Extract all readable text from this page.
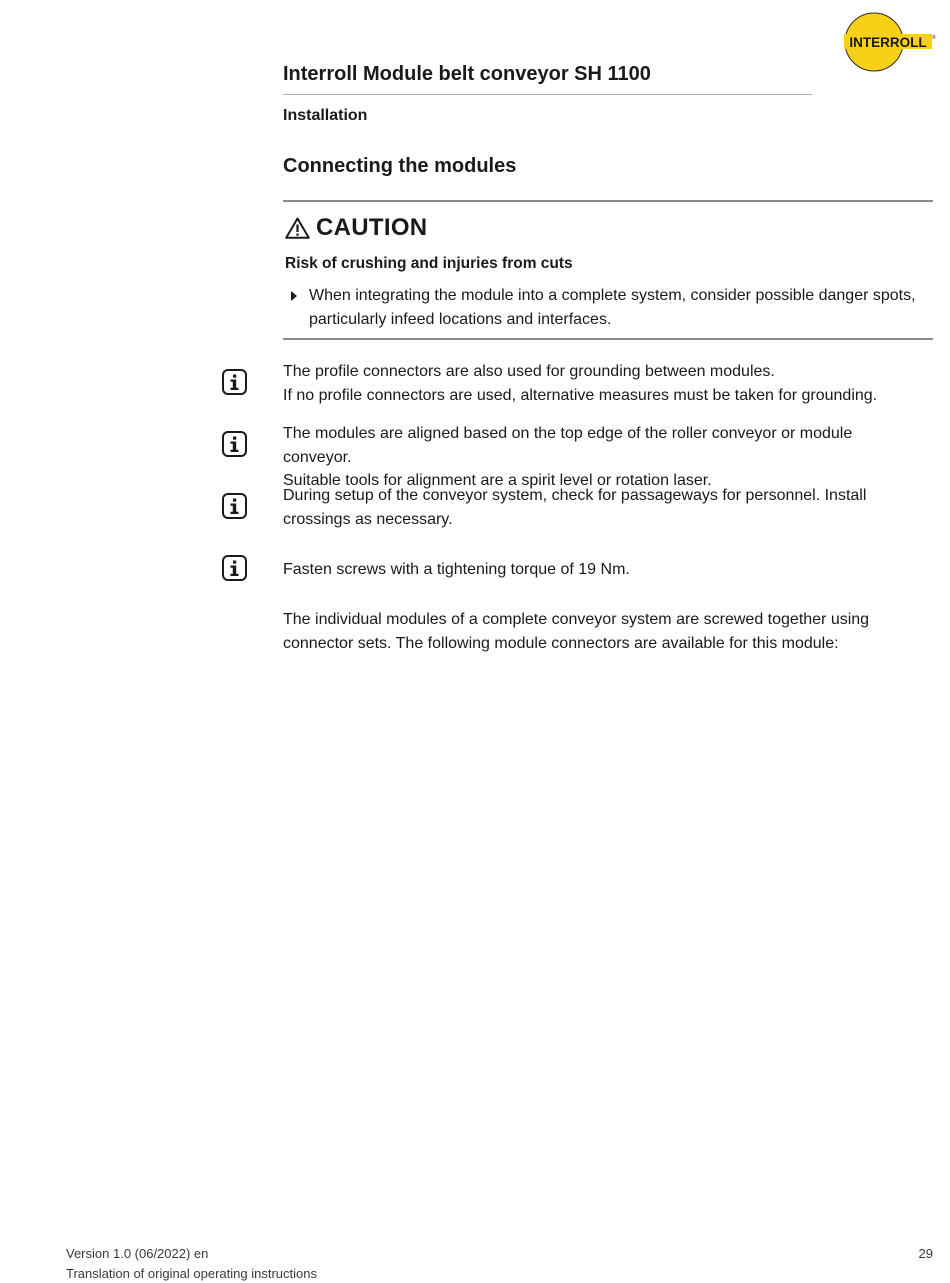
INTERROLL ®
Interroll Module belt conveyor SH 1100
Installation
Connecting the modules
CAUTION
Risk of crushing and injuries from cuts
When integrating the module into a complete system, consider possible danger spots, particularly infeed locations and interfaces.
The profile connectors are also used for grounding between modules.
If no profile connectors are used, alternative measures must be taken for grounding.
The modules are aligned based on the top edge of the roller conveyor or module conveyor.
Suitable tools for alignment are a spirit level or rotation laser.
During setup of the conveyor system, check for passageways for personnel. Install crossings as necessary.
Fasten screws with a tightening torque of 19 Nm.
The individual modules of a complete conveyor system are screwed together using connector sets. The following module connectors are available for this module:
Version 1.0 (06/2022) en
Translation of original operating instructions
29
